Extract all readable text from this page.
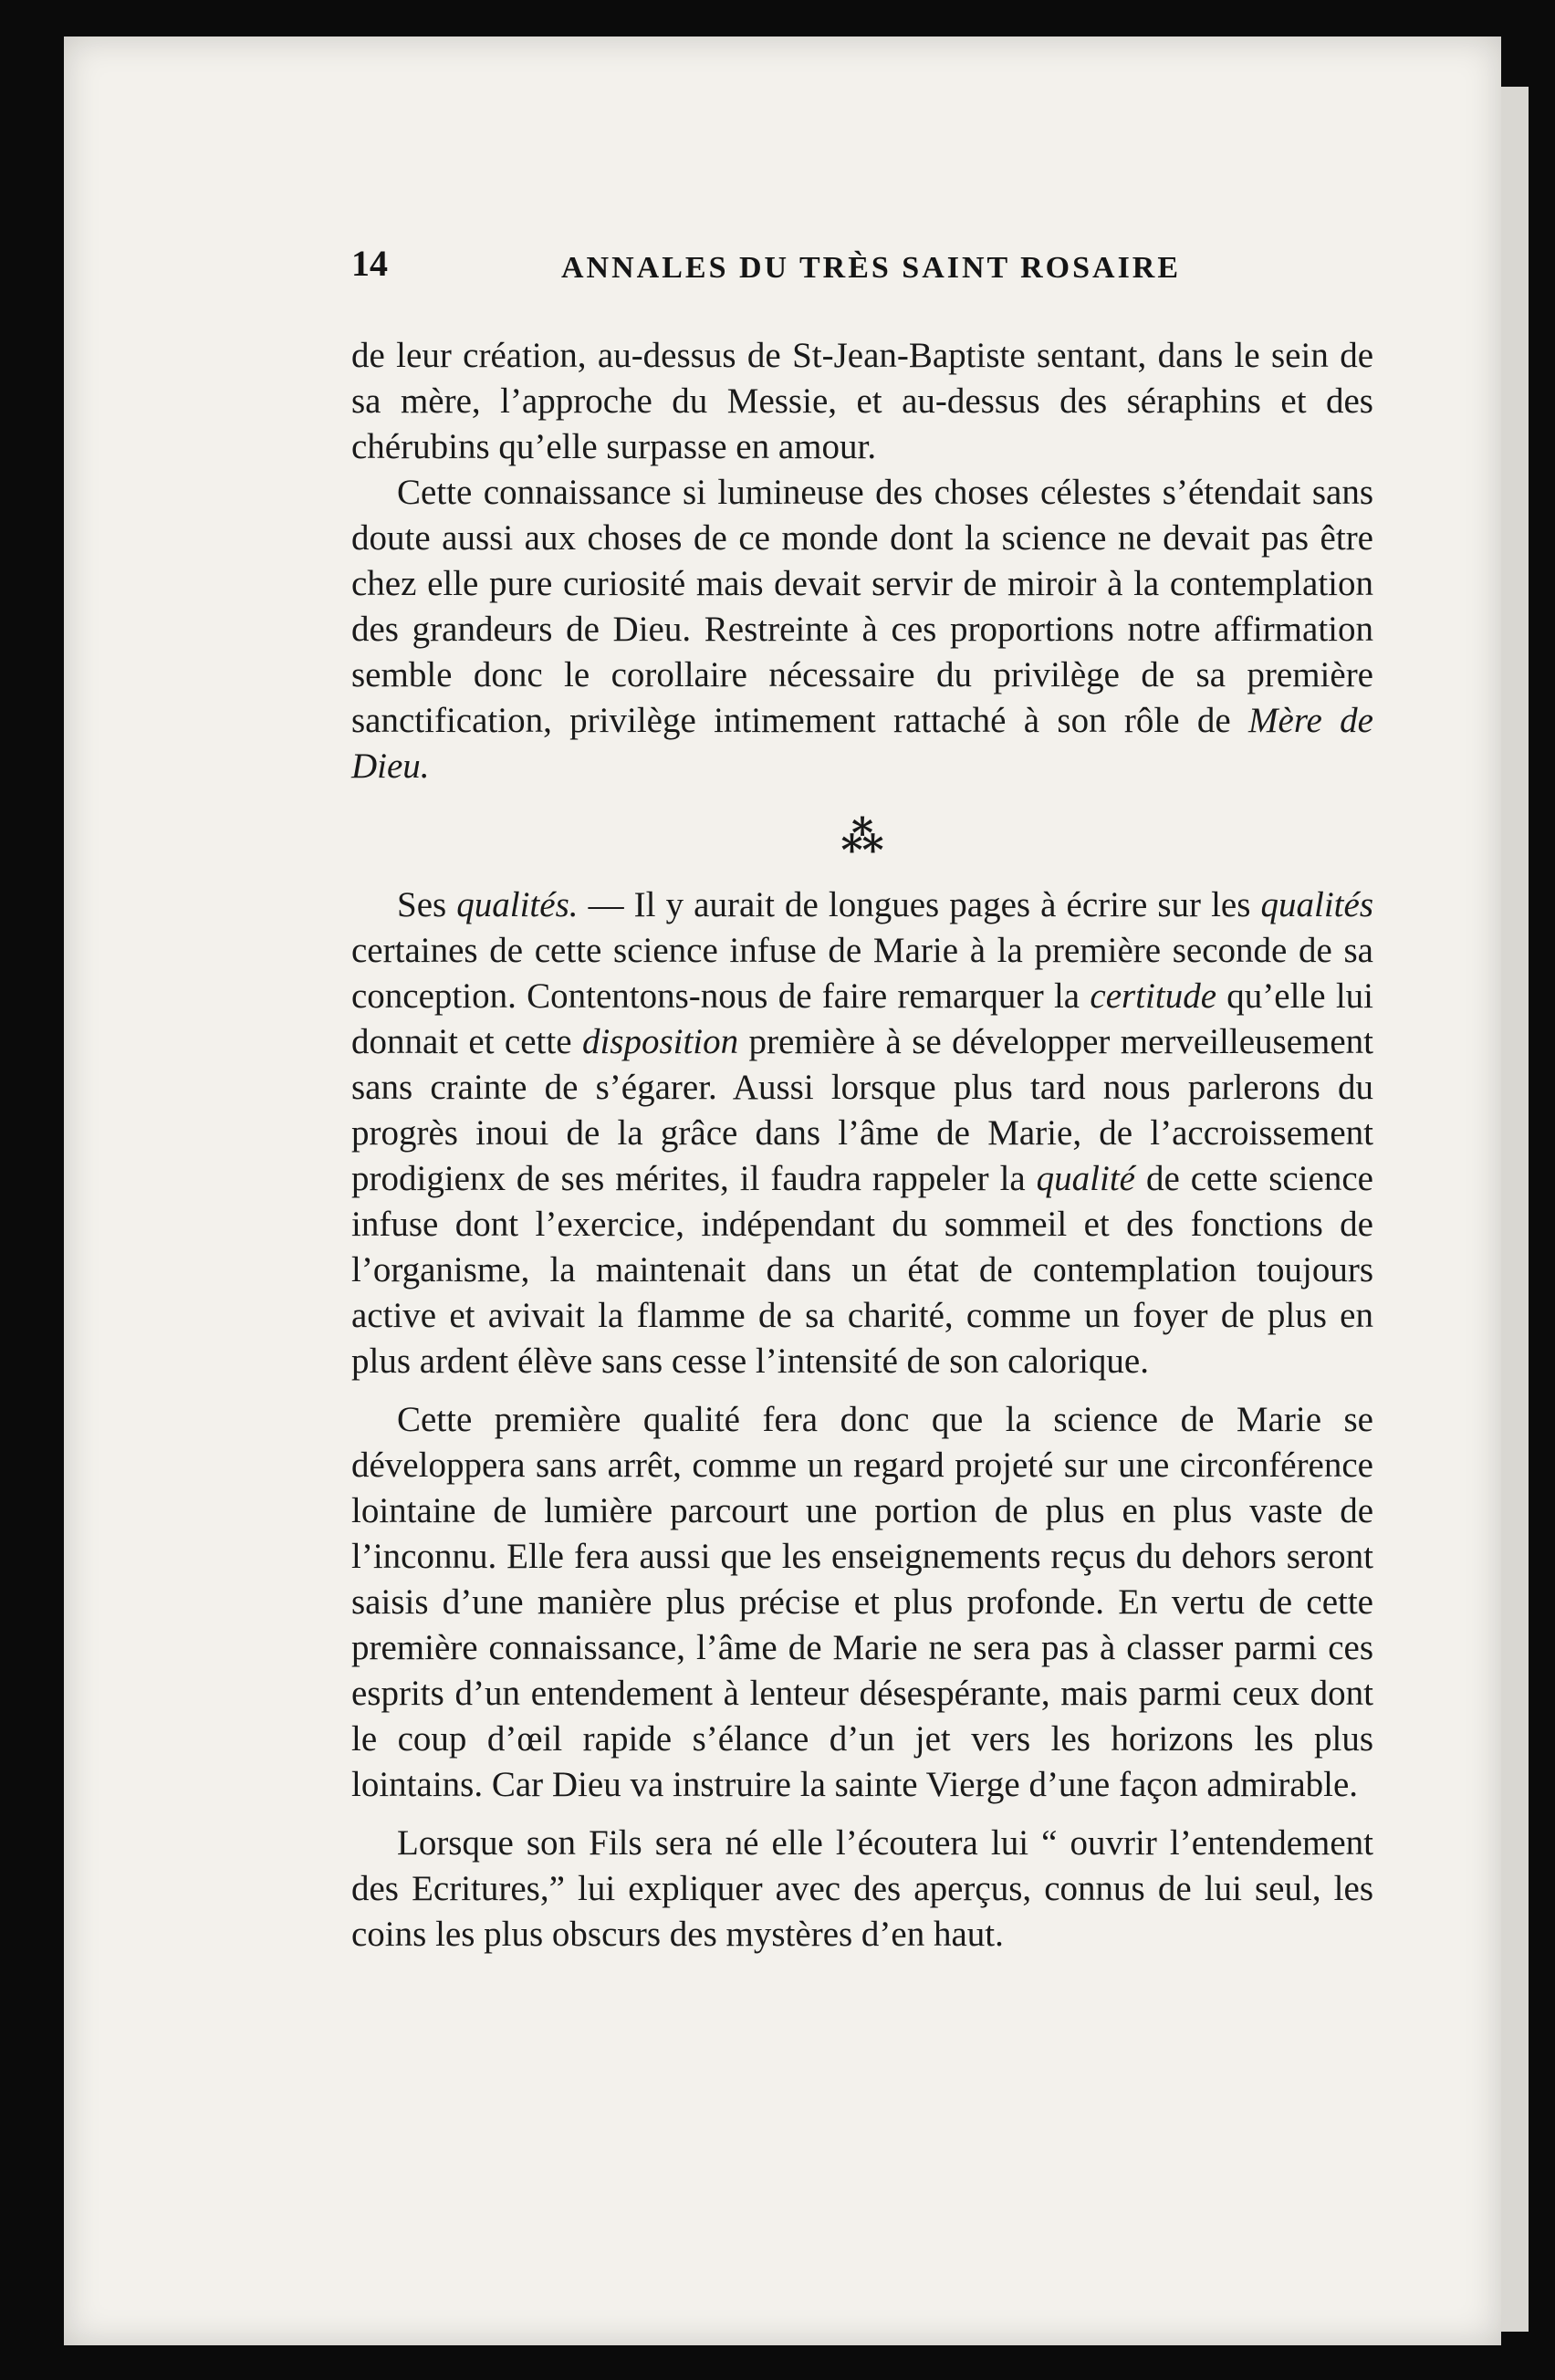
14	ANNALES DU TRÈS SAINT ROSAIRE

de leur création, au-dessus de St-Jean-Baptiste sentant, dans le sein de sa mère, l’approche du Messie, et au-dessus des séraphins et des chérubins qu’elle surpasse en amour.

Cette connaissance si lumineuse des choses célestes s’étendait sans doute aussi aux choses de ce monde dont la science ne devait pas être chez elle pure curiosité mais devait servir de miroir à la contemplation des grandeurs de Dieu. Restreinte à ces proportions notre affirmation semble donc le corollaire nécessaire du privilège de sa première sanctification, privilège intimement rattaché à son rôle de Mère de Dieu.

⁂

Ses qualités. — Il y aurait de longues pages à écrire sur les qualités certaines de cette science infuse de Marie à la première seconde de sa conception. Contentons-nous de faire remarquer la certitude qu’elle lui donnait et cette disposition première à se développer merveilleusement sans crainte de s’égarer. Aussi lorsque plus tard nous parlerons du progrès inoui de la grâce dans l’âme de Marie, de l’accroissement prodigienx de ses mérites, il faudra rappeler la qualité de cette science infuse dont l’exercice, indépendant du sommeil et des fonctions de l’organisme, la maintenait dans un état de contemplation toujours active et avivait la flamme de sa charité, comme un foyer de plus en plus ardent élève sans cesse l’intensité de son calorique.

Cette première qualité fera donc que la science de Marie se développera sans arrêt, comme un regard projeté sur une circonférence lointaine de lumière parcourt une portion de plus en plus vaste de l’inconnu. Elle fera aussi que les enseignements reçus du dehors seront saisis d’une manière plus précise et plus profonde. En vertu de cette première connaissance, l’âme de Marie ne sera pas à classer parmi ces esprits d’un entendement à lenteur désespérante, mais parmi ceux dont le coup d’œil rapide s’élance d’un jet vers les horizons les plus lointains. Car Dieu va instruire la sainte Vierge d’une façon admirable.

Lorsque son Fils sera né elle l’écoutera lui “ ouvrir l’entendement des Ecritures,” lui expliquer avec des aperçus, connus de lui seul, les coins les plus obscurs des mystères d’en haut.
